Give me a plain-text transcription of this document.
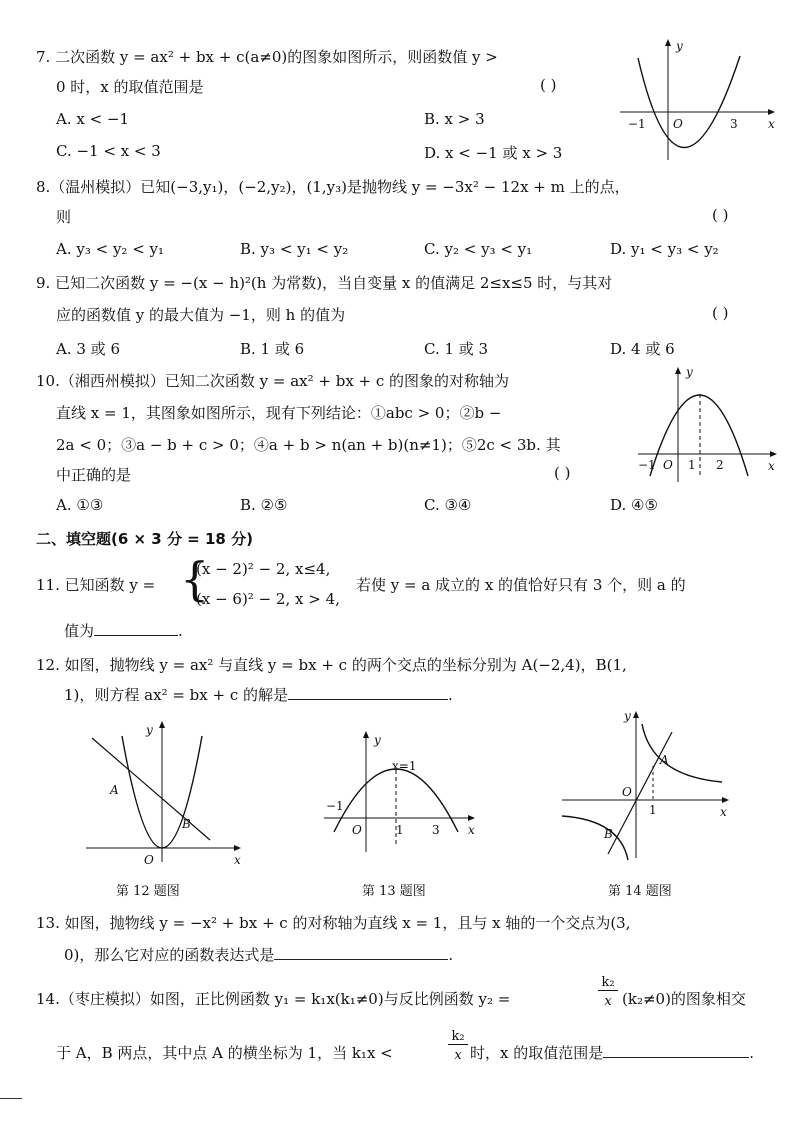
7. 二次函数 y = ax² + bx + c(a≠0)的图象如图所示，则函数值 y >
0 时，x 的取值范围是	( )
A. x < −1	B. x > 3
C. −1 < x < 3	D. x < −1 或 x > 3
y
x
O
−1	3
8.（温州模拟）已知(−3,y₁)，(−2,y₂)，(1,y₃)是抛物线 y = −3x² − 12x + m 上的点，
则	( )
A. y₃ < y₂ < y₁	B. y₃ < y₁ < y₂	C. y₂ < y₃ < y₁	D. y₁ < y₃ < y₂
9. 已知二次函数 y = −(x − h)²(h 为常数)，当自变量 x 的值满足 2≤x≤5 时，与其对
应的函数值 y 的最大值为 −1，则 h 的值为	( )
A. 3 或 6	B. 1 或 6	C. 1 或 3	D. 4 或 6
10.（湘西州模拟）已知二次函数 y = ax² + bx + c 的图象的对称轴为
直线 x = 1，其图象如图所示，现有下列结论：①abc > 0；②b −
2a < 0；③a − b + c > 0；④a + b > n(an + b)(n≠1)；⑤2c < 3b. 其
中正确的是	( )
A. ①③	B. ②⑤	C. ③④	D. ④⑤
y
x
O
−1	1 2
二、填空题(6 × 3 分 = 18 分)
11. 已知函数 y = {
(x − 2)² − 2, x≤4,
(x − 6)² − 2, x > 4,
若使 y = a 成立的 x 的值恰好只有 3 个，则 a 的
值为	.
12. 如图，抛物线 y = ax² 与直线 y = bx + c 的两个交点的坐标分别为 A(−2,4)，B(1,
1)，则方程 ax² = bx + c 的解是	.
y
x
O
A
B
第 12 题图
y
x
O
−1
1 3
x=1
第 13 题图
y
x
O
A
B
1
第 14 题图
13. 如图，抛物线 y = −x² + bx + c 的对称轴为直线 x = 1，且与 x 轴的一个交点为(3,
0)，那么它对应的函数表达式是	.
14.（枣庄模拟）如图，正比例函数 y₁ = k₁x(k₁≠0)与反比例函数 y₂ =
k₂
x (k₂≠0)的图象相交
于 A，B 两点，其中点 A 的横坐标为 1，当 k₁x <
k₂
x 时，x 的取值范围是	.
